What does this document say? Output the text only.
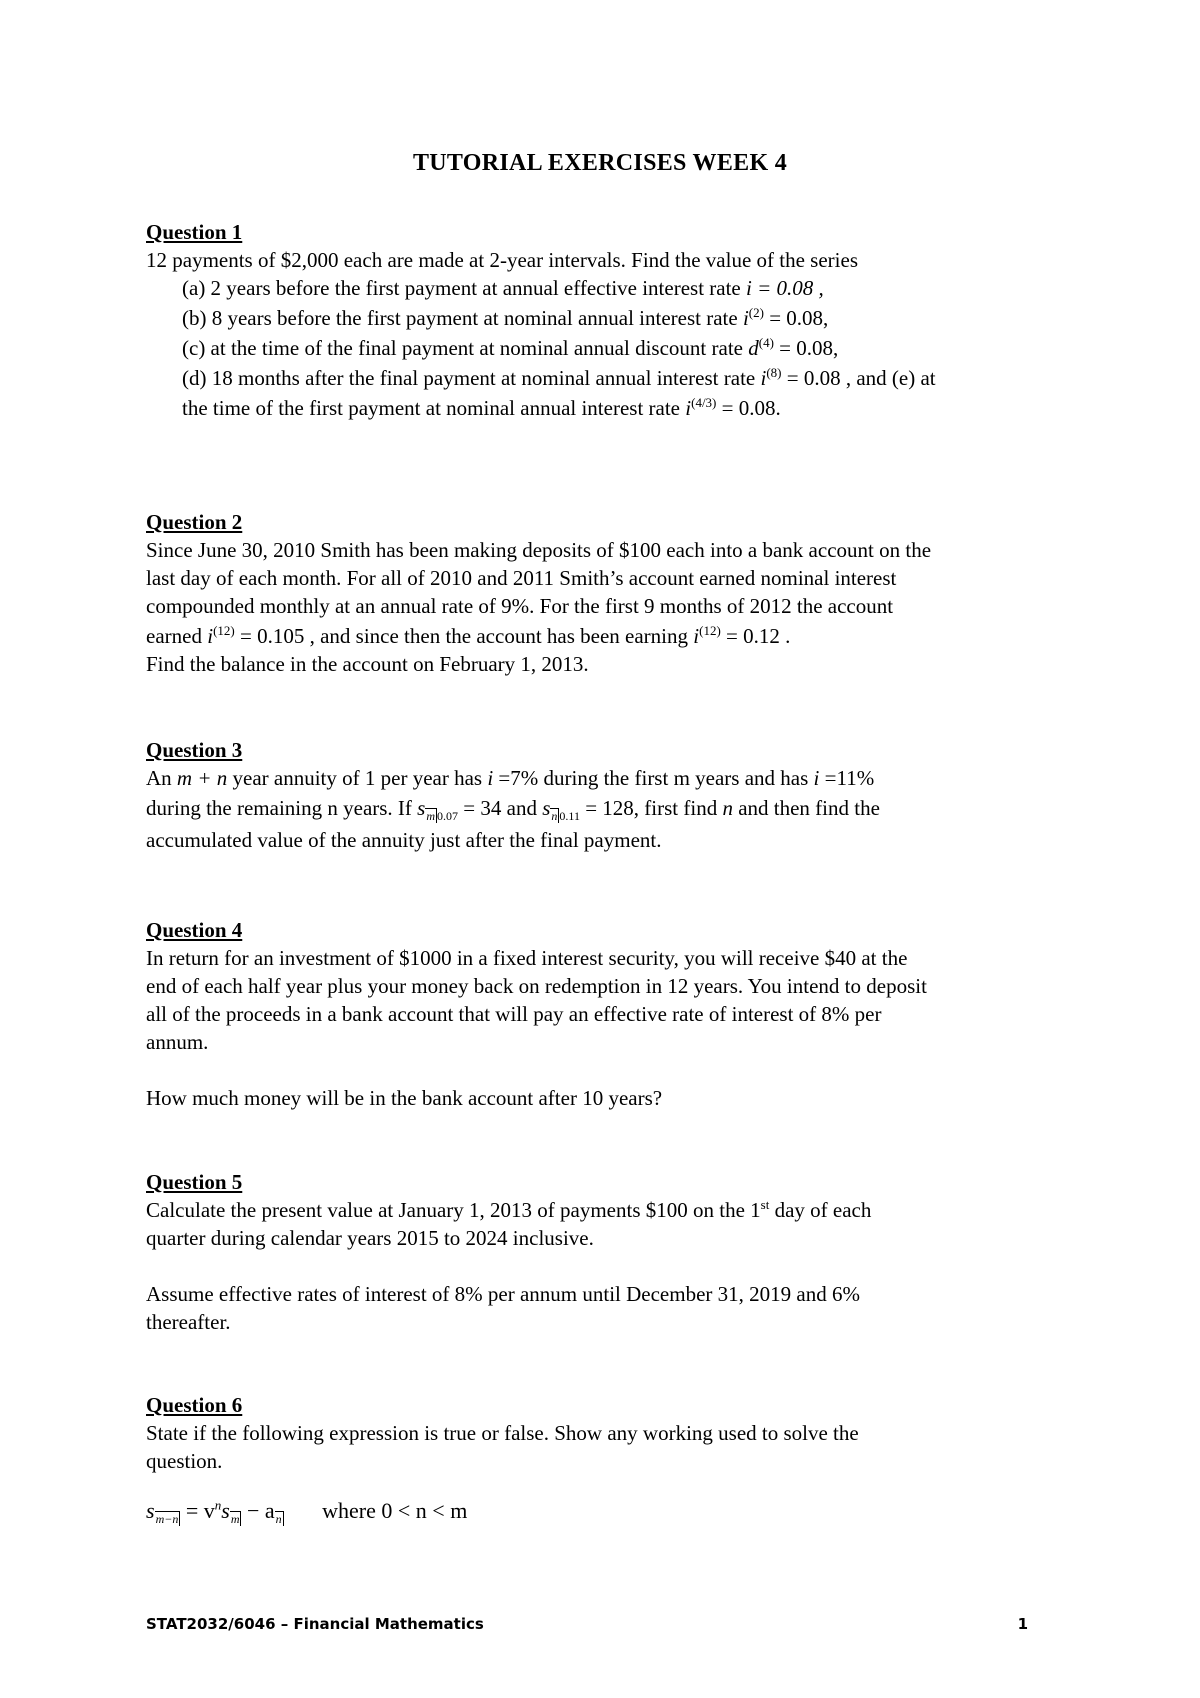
TUTORIAL EXERCISES WEEK 4
Question 1
12 payments of $2,000 each are made at 2-year intervals. Find the value of the series
(a) 2 years before the first payment at annual effective interest rate i = 0.08 ,
(b) 8 years before the first payment at nominal annual interest rate $i^{(2)} = 0.08$,
(c) at the time of the final payment at nominal annual discount rate $d^{(4)} = 0.08$,
(d) 18 months after the final payment at nominal annual interest rate $i^{(8)} = 0.08$ , and (e) at
the time of the first payment at nominal annual interest rate $i^{(4/3)} = 0.08$.
Question 2
Since June 30, 2010 Smith has been making deposits of $100 each into a bank account on the
last day of each month. For all of 2010 and 2011 Smith’s account earned nominal interest
compounded monthly at an annual rate of 9%. For the first 9 months of 2012 the account
earned $i^{(12)} = 0.105$ , and since then the account has been earning $i^{(12)} = 0.12$ .
Find the balance in the account on February 1, 2013.
Question 3
An m + n year annuity of 1 per year has i =7% during the first m years and has i =11%
during the remaining n years. If $s_{m 0.07} = 34$ and $s_{n 0.11} = 128$, first find n and then find the
accumulated value of the annuity just after the final payment.
Question 4
In return for an investment of $1000 in a fixed interest security, you will receive $40 at the
end of each half year plus your money back on redemption in 12 years. You intend to deposit
all of the proceeds in a bank account that will pay an effective rate of interest of 8% per
annum.
How much money will be in the bank account after 10 years?
Question 5
Calculate the present value at January 1, 2013 of payments $100 on the 1st day of each
quarter during calendar years 2015 to 2024 inclusive.
Assume effective rates of interest of 8% per annum until December 31, 2019 and 6%
thereafter.
Question 6
State if the following expression is true or false. Show any working used to solve the
question.
$s_{m-n} = v^ns_m - a_n$ where 0 < n < m
STAT2032/6046 – Financial Mathematics	1
